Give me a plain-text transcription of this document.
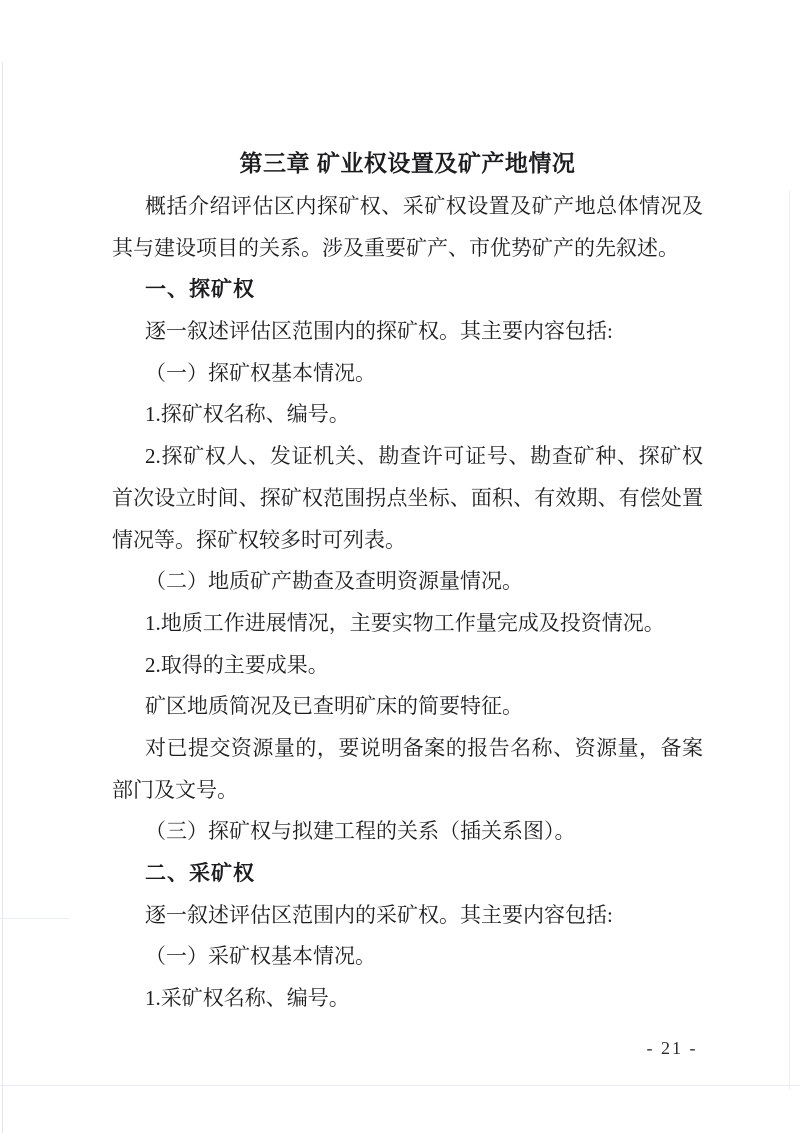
第三章 矿业权设置及矿产地情况
概括介绍评估区内探矿权、采矿权设置及矿产地总体情况及
其与建设项目的关系。涉及重要矿产、市优势矿产的先叙述。
一、探矿权
逐一叙述评估区范围内的探矿权。其主要内容包括:
（一）探矿权基本情况。
1.探矿权名称、编号。
2.探矿权人、发证机关、勘查许可证号、勘查矿种、探矿权
首次设立时间、探矿权范围拐点坐标、面积、有效期、有偿处置
情况等。探矿权较多时可列表。
（二）地质矿产勘查及查明资源量情况。
1.地质工作进展情况，主要实物工作量完成及投资情况。
2.取得的主要成果。
矿区地质简况及已查明矿床的简要特征。
对已提交资源量的，要说明备案的报告名称、资源量，备案
部门及文号。
（三）探矿权与拟建工程的关系（插关系图）。
二、采矿权
逐一叙述评估区范围内的采矿权。其主要内容包括:
（一）采矿权基本情况。
1.采矿权名称、编号。
- 21 -
